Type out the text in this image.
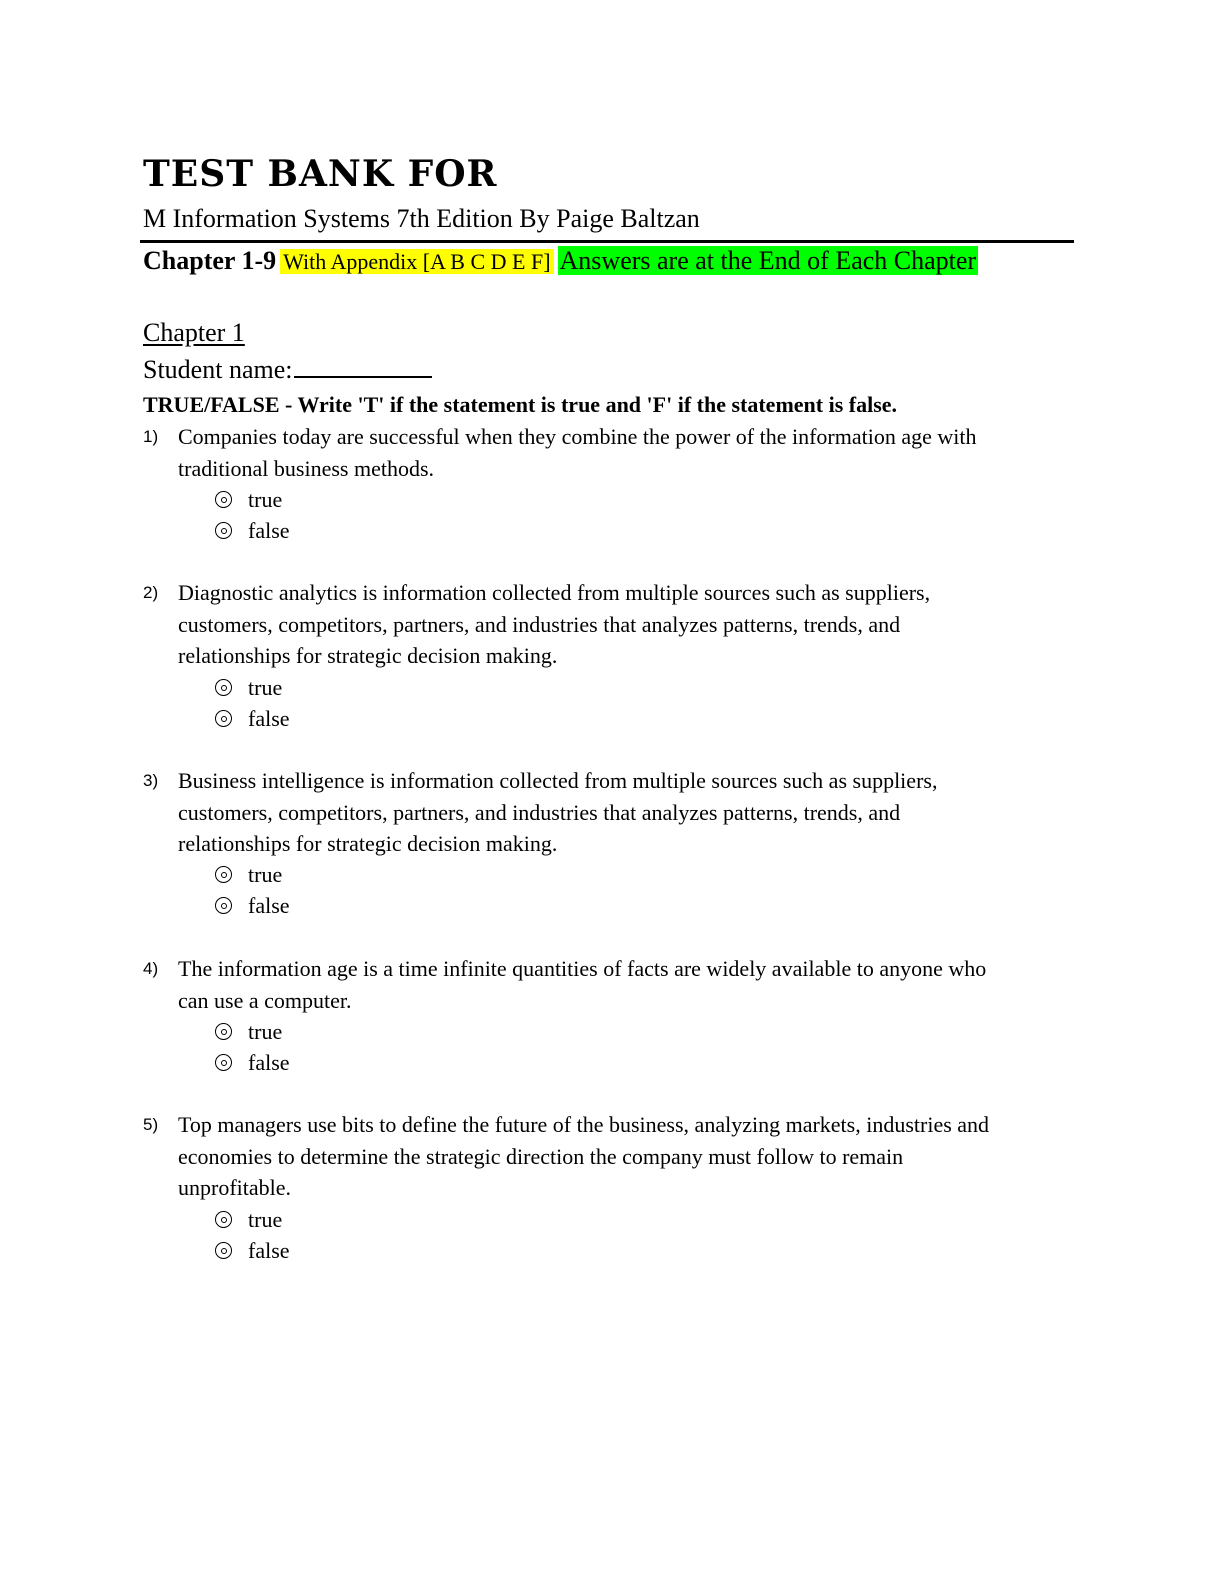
TEST BANK FOR
M Information Systems 7th Edition By Paige Baltzan
Chapter 1-9 With Appendix [A B C D E F] Answers are at the End of Each Chapter
Chapter 1
Student name:
TRUE/FALSE - Write 'T' if the statement is true and 'F' if the statement is false.
1) Companies today are successful when they combine the power of the information age with
traditional business methods.
true
false
2) Diagnostic analytics is information collected from multiple sources such as suppliers,
customers, competitors, partners, and industries that analyzes patterns, trends, and
relationships for strategic decision making.
true
false
3) Business intelligence is information collected from multiple sources such as suppliers,
customers, competitors, partners, and industries that analyzes patterns, trends, and
relationships for strategic decision making.
true
false
4) The information age is a time infinite quantities of facts are widely available to anyone who
can use a computer.
true
false
5) Top managers use bits to define the future of the business, analyzing markets, industries and
economies to determine the strategic direction the company must follow to remain
unprofitable.
true
false
